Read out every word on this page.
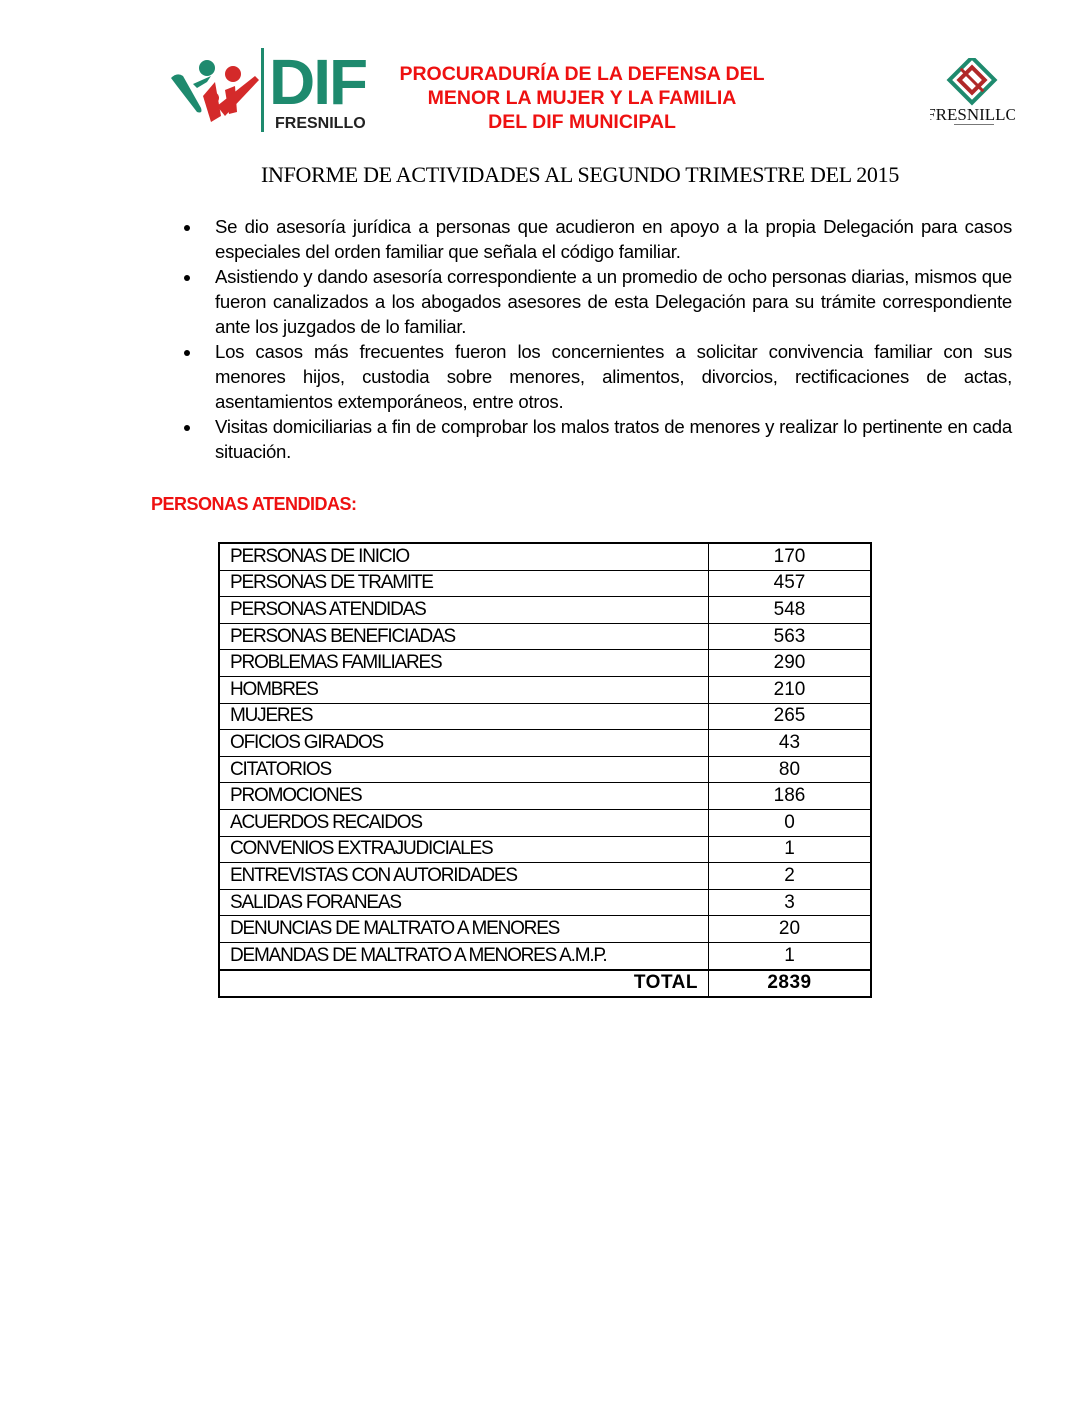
DIF
FRESNILLO
PROCURADURÍA DE LA DEFENSA DEL
MENOR LA MUJER Y LA FAMILIA
DEL DIF MUNICIPAL	FRESNILLO
INFORME DE ACTIVIDADES AL SEGUNDO TRIMESTRE DEL 2015
Se dio asesoría jurídica a personas que acudieron en apoyo a la propia Delegación para casos especiales del orden familiar que señala el código familiar.
Asistiendo y dando asesoría correspondiente a un promedio de ocho personas diarias, mismos que fueron canalizados a los abogados asesores de esta Delegación para su trámite correspondiente ante los juzgados de lo familiar.
Los casos más frecuentes fueron los concernientes a solicitar convivencia familiar con sus menores hijos, custodia sobre menores, alimentos, divorcios, rectificaciones de actas, asentamientos extemporáneos, entre otros.
Visitas domiciliarias a fin de comprobar los malos tratos de menores y realizar lo pertinente en cada situación.
PERSONAS ATENDIDAS:
PERSONAS DE INICIO	170
PERSONAS DE TRAMITE	457
PERSONAS ATENDIDAS	548
PERSONAS BENEFICIADAS	563
PROBLEMAS FAMILIARES	290
HOMBRES	210
MUJERES	265
OFICIOS GIRADOS	43
CITATORIOS	80
PROMOCIONES	186
ACUERDOS RECAIDOS	0
CONVENIOS EXTRAJUDICIALES	1
ENTREVISTAS CON AUTORIDADES	2
SALIDAS FORANEAS	3
DENUNCIAS DE MALTRATO A MENORES	20
DEMANDAS DE MALTRATO A MENORES A.M.P.	1
TOTAL	2839
